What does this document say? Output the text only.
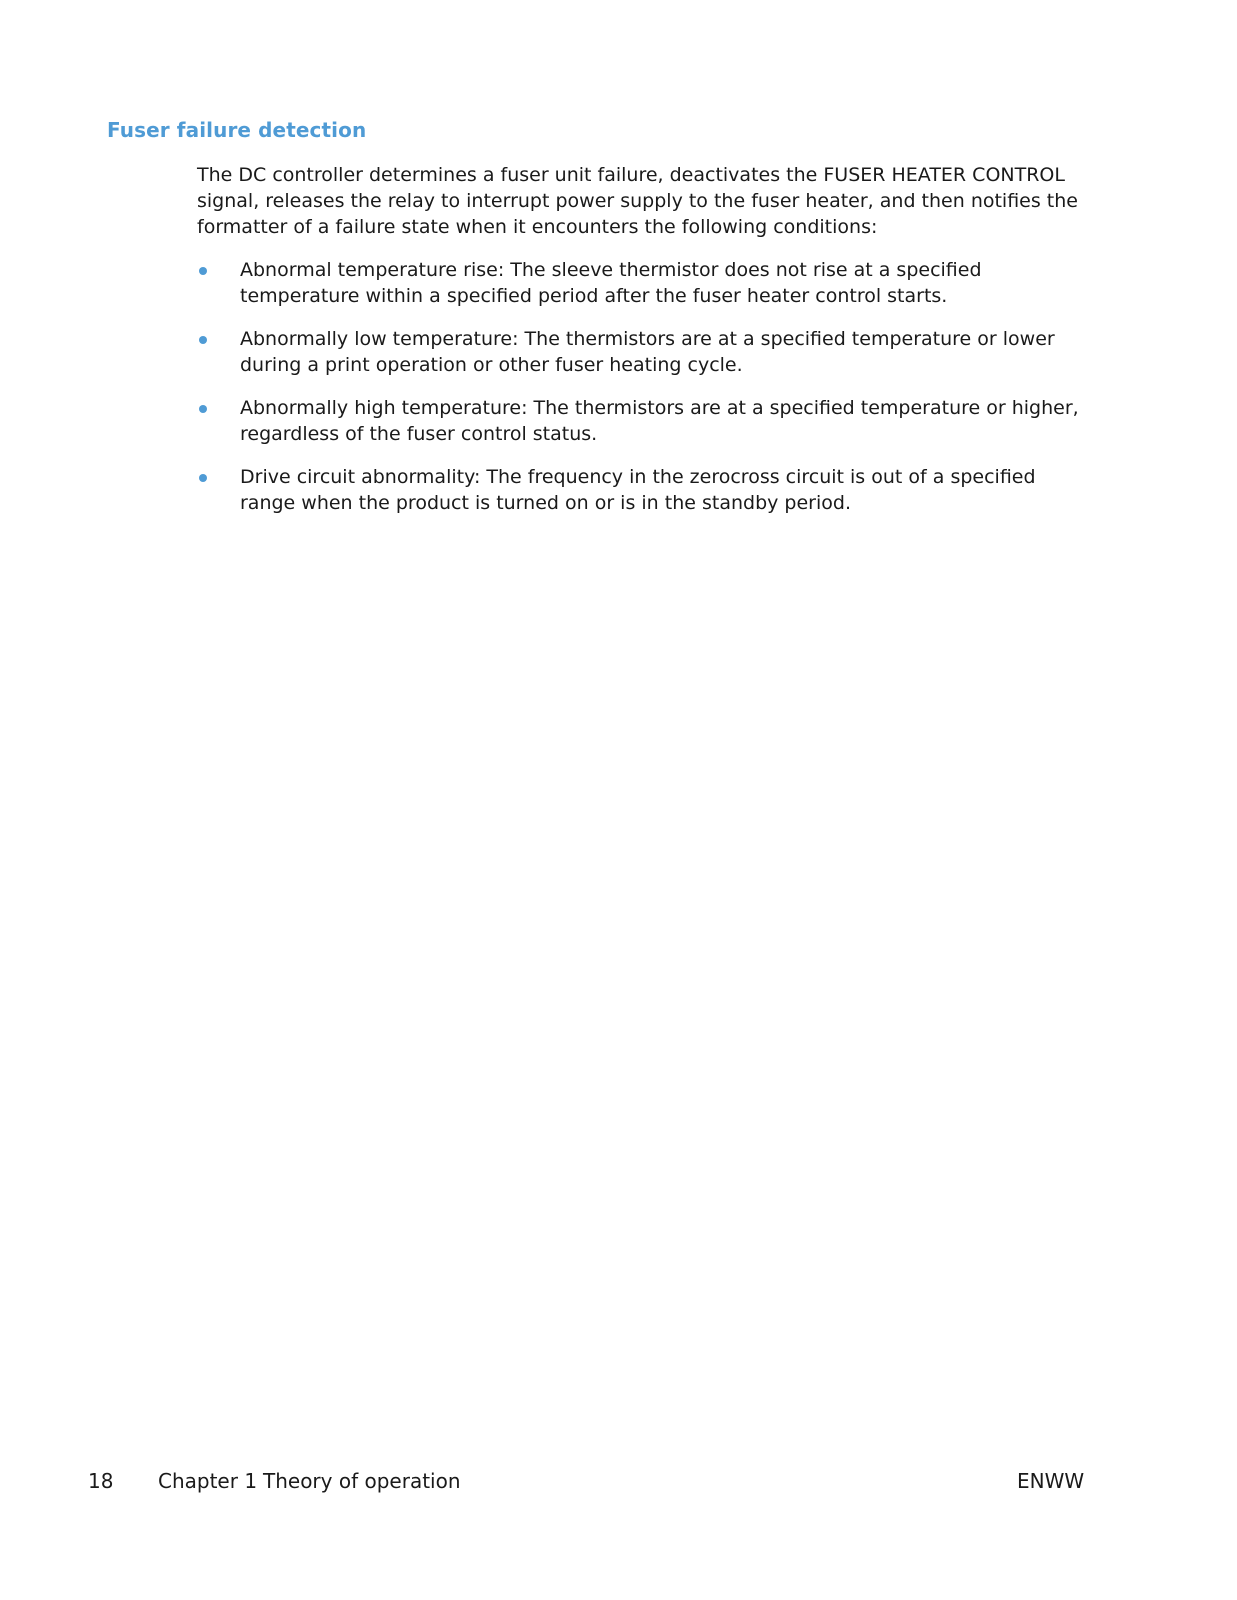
Fuser failure detection

The DC controller determines a fuser unit failure, deactivates the FUSER HEATER CONTROL signal, releases the relay to interrupt power supply to the fuser heater, and then notifies the formatter of a failure state when it encounters the following conditions:

Abnormal temperature rise: The sleeve thermistor does not rise at a specified temperature within a specified period after the fuser heater control starts.
Abnormally low temperature: The thermistors are at a specified temperature or lower during a print operation or other fuser heating cycle.
Abnormally high temperature: The thermistors are at a specified temperature or higher, regardless of the fuser control status.
Drive circuit abnormality: The frequency in the zerocross circuit is out of a specified range when the product is turned on or is in the standby period.
18 Chapter 1 Theory of operation	ENWW
